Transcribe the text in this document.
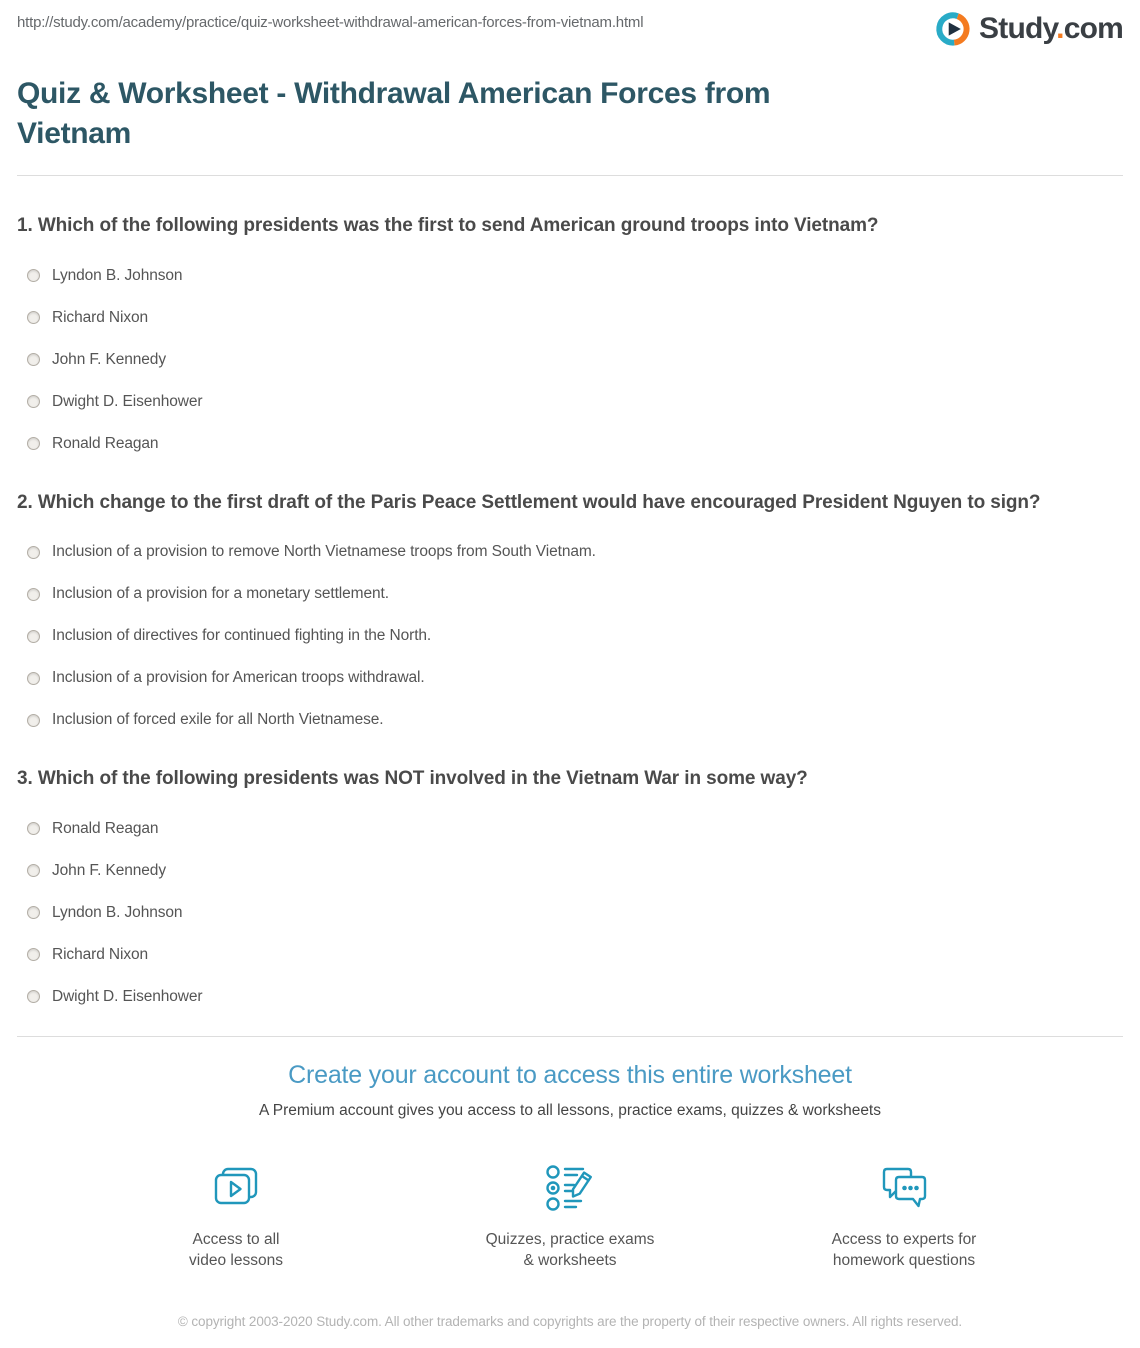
http://study.com/academy/practice/quiz-worksheet-withdrawal-american-forces-from-vietnam.html	Study.com
Quiz & Worksheet - Withdrawal American Forces from Vietnam
1. Which of the following presidents was the first to send American ground troops into Vietnam?
Lyndon B. Johnson
Richard Nixon
John F. Kennedy
Dwight D. Eisenhower
Ronald Reagan
2. Which change to the first draft of the Paris Peace Settlement would have encouraged President Nguyen to sign?
Inclusion of a provision to remove North Vietnamese troops from South Vietnam.
Inclusion of a provision for a monetary settlement.
Inclusion of directives for continued fighting in the North.
Inclusion of a provision for American troops withdrawal.
Inclusion of forced exile for all North Vietnamese.
3. Which of the following presidents was NOT involved in the Vietnam War in some way?
Ronald Reagan
John F. Kennedy
Lyndon B. Johnson
Richard Nixon
Dwight D. Eisenhower
Create your account to access this entire worksheet
A Premium account gives you access to all lessons, practice exams, quizzes & worksheets
Access to all
video lessons
Quizzes, practice exams
& worksheets
Access to experts for
homework questions
© copyright 2003-2020 Study.com. All other trademarks and copyrights are the property of their respective owners. All rights reserved.
